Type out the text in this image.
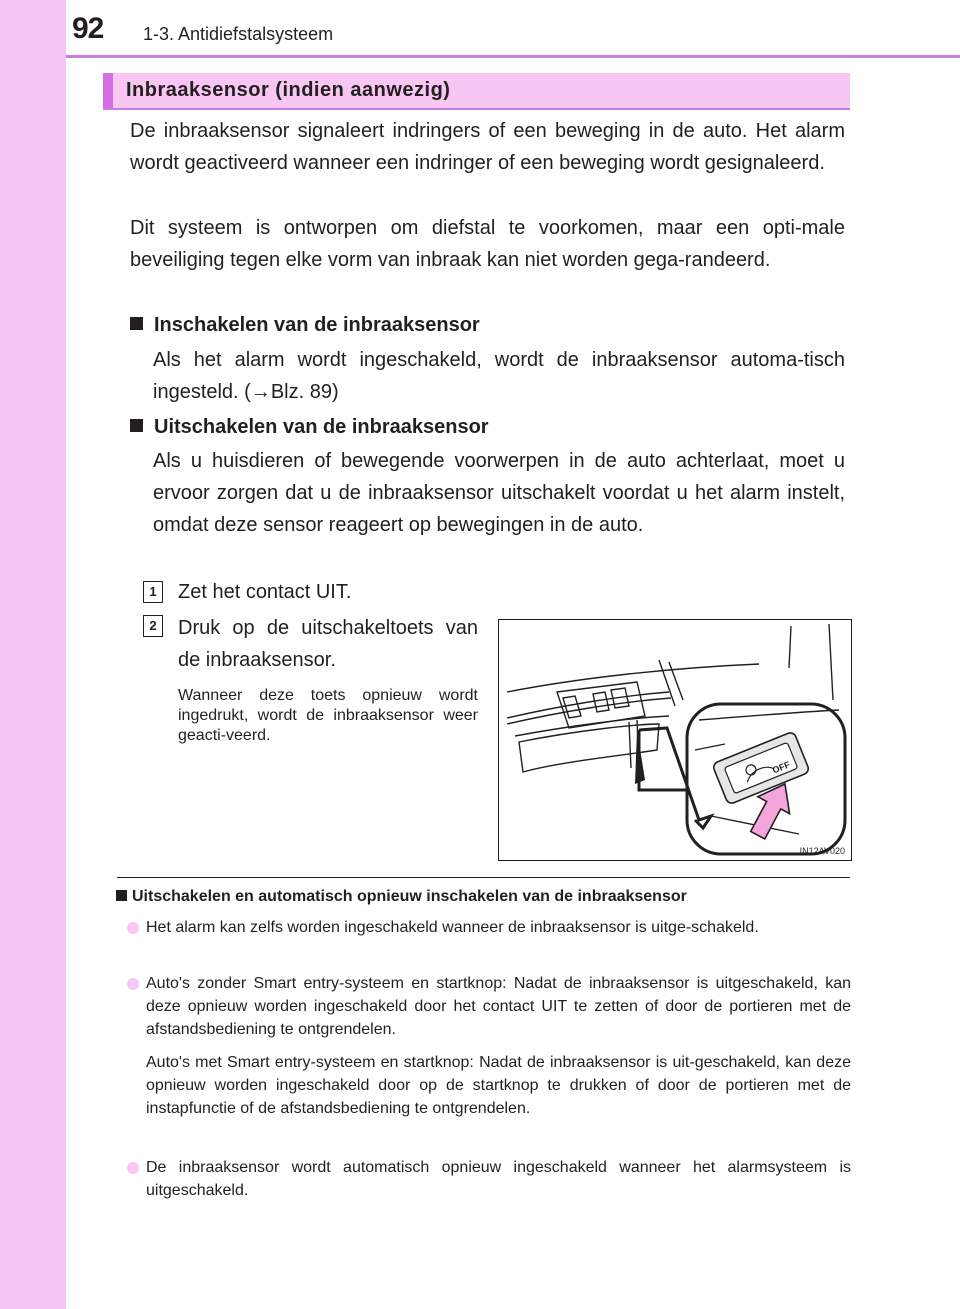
92 1-3. Antidiefstalsysteem
Inbraaksensor (indien aanwezig)

De inbraaksensor signaleert indringers of een beweging in de auto. Het alarm wordt geactiveerd wanneer een indringer of een beweging wordt gesignaleerd.

Dit systeem is ontworpen om diefstal te voorkomen, maar een opti-male beveiliging tegen elke vorm van inbraak kan niet worden gega-randeerd.

Inschakelen van de inbraaksensor

Als het alarm wordt ingeschakeld, wordt de inbraaksensor automa-tisch ingesteld. (→Blz. 89)

Uitschakelen van de inbraaksensor

Als u huisdieren of bewegende voorwerpen in de auto achterlaat, moet u ervoor zorgen dat u de inbraaksensor uitschakelt voordat u het alarm instelt, omdat deze sensor reageert op bewegingen in de auto.

1	Zet het contact UIT.

2	Druk op de uitschakeltoets van de inbraaksensor.

Wanneer deze toets opnieuw wordt ingedrukt, wordt de inbraaksensor weer geacti-veerd.

OFF
IN12AV020
Uitschakelen en automatisch opnieuw inschakelen van de inbraaksensor

Het alarm kan zelfs worden ingeschakeld wanneer de inbraaksensor is uitge-schakeld.

Auto's zonder Smart entry-systeem en startknop: Nadat de inbraaksensor is uitgeschakeld, kan deze opnieuw worden ingeschakeld door het contact UIT te zetten of door de portieren met de afstandsbediening te ontgrendelen.

Auto's met Smart entry-systeem en startknop: Nadat de inbraaksensor is uit-geschakeld, kan deze opnieuw worden ingeschakeld door op de startknop te drukken of door de portieren met de instapfunctie of de afstandsbediening te ontgrendelen.

De inbraaksensor wordt automatisch opnieuw ingeschakeld wanneer het alarmsysteem is uitgeschakeld.
